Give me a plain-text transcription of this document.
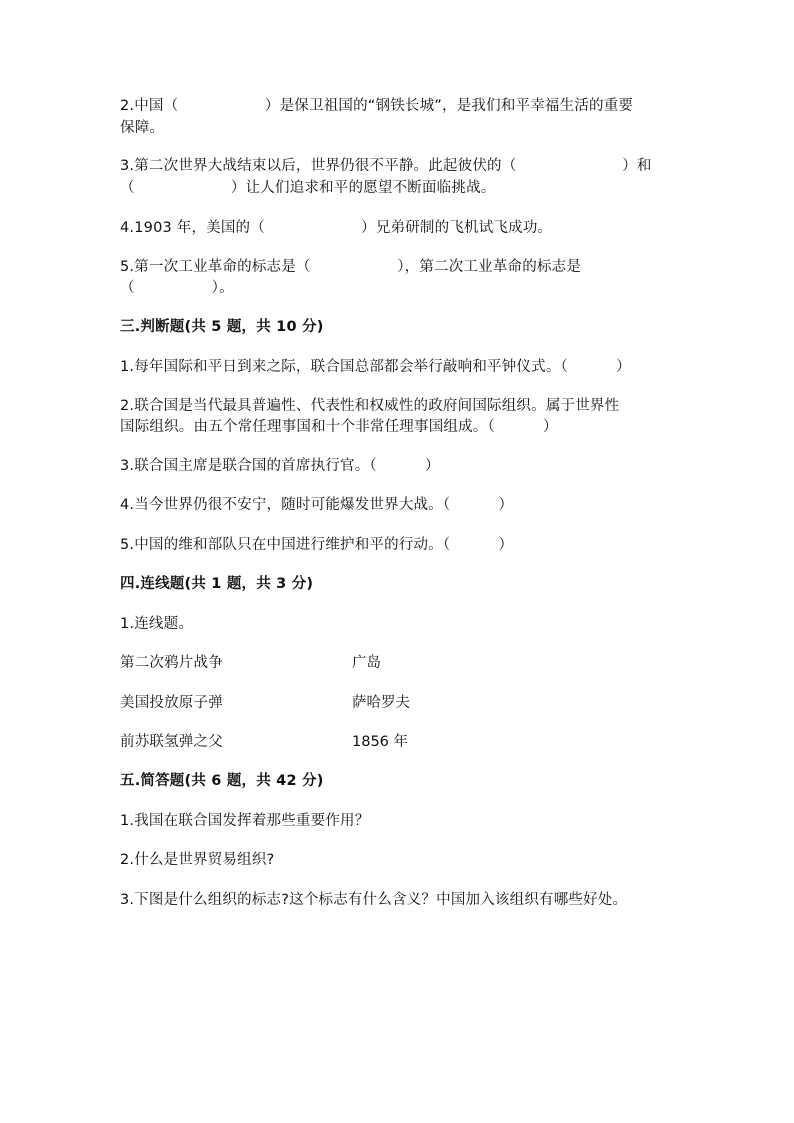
2.中国（                  ）是保卫祖国的“钢铁长城”，是我们和平幸福生活的重要
保障。
3.第二次世界大战结束以后，世界仍很不平静。此起彼伏的（                      ）和
（                    ）让人们追求和平的愿望不断面临挑战。
4.1903 年，美国的（                    ）兄弟研制的飞机试飞成功。
5.第一次工业革命的标志是（                  ），第二次工业革命的标志是
（                ）。
三.判断题(共 5 题，共 10 分)
1.每年国际和平日到来之际，联合国总部都会举行敲响和平钟仪式。（          ）
2.联合国是当代最具普遍性、代表性和权威性的政府间国际组织。属于世界性
国际组织。由五个常任理事国和十个非常任理事国组成。（          ）
3.联合国主席是联合国的首席执行官。（          ）
4.当今世界仍很不安宁，随时可能爆发世界大战。（          ）
5.中国的维和部队只在中国进行维护和平的行动。（          ）
四.连线题(共 1 题，共 3 分)
1.连线题。
第二次鸦片战争	广岛
美国投放原子弹	萨哈罗夫
前苏联氢弹之父	1856 年
五.简答题(共 6 题，共 42 分)
1.我国在联合国发挥着那些重要作用？
2.什么是世界贸易组织?
3.下图是什么组织的标志?这个标志有什么含义？中国加入该组织有哪些好处。
